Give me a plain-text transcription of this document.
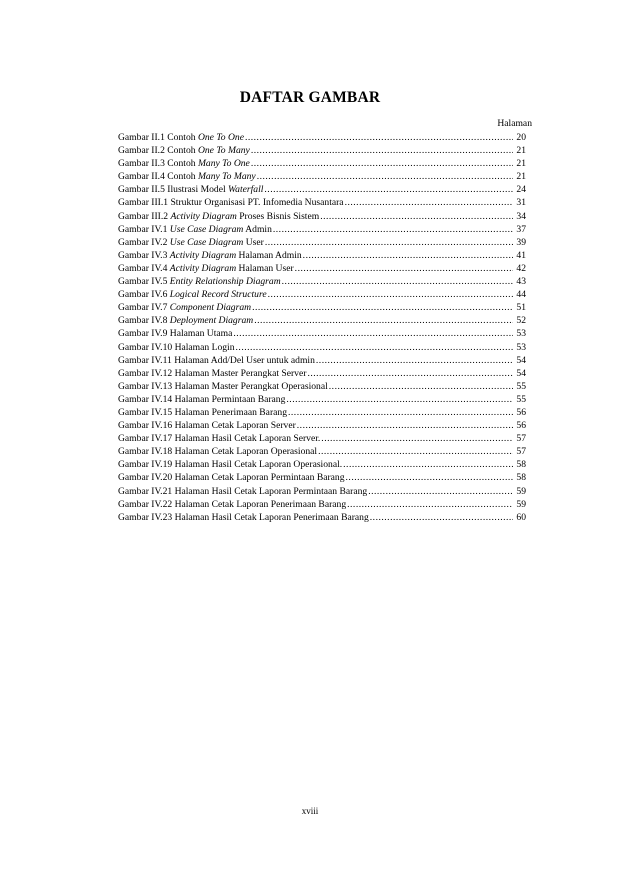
DAFTAR GAMBAR
Halaman
Gambar II.1 Contoh One To One .....	20
Gambar II.2 Contoh One To Many .....	21
Gambar II.3 Contoh Many To One .....	21
Gambar II.4 Contoh Many To Many .....	21
Gambar II.5 Ilustrasi Model Waterfall .....	24
Gambar III.1 Struktur Organisasi PT. Infomedia Nusantara .....	31
Gambar III.2 Activity Diagram Proses Bisnis Sistem .....	34
Gambar IV.1 Use Case Diagram Admin .....	37
Gambar IV.2 Use Case Diagram User .....	39
Gambar IV.3 Activity Diagram Halaman Admin .....	41
Gambar IV.4 Activity Diagram Halaman User .....	42
Gambar IV.5 Entity Relationship Diagram .....	43
Gambar IV.6 Logical Record Structure .....	44
Gambar IV.7 Component Diagram .....	51
Gambar IV.8 Deployment Diagram .....	52
Gambar IV.9 Halaman Utama .....	53
Gambar IV.10 Halaman Login .....	53
Gambar IV.11 Halaman Add/Del User untuk admin .....	54
Gambar IV.12 Halaman Master Perangkat Server .....	54
Gambar IV.13 Halaman Master Perangkat Operasional .....	55
Gambar IV.14 Halaman Permintaan Barang .....	55
Gambar IV.15 Halaman Penerimaan Barang .....	56
Gambar IV.16 Halaman Cetak Laporan Server .....	56
Gambar IV.17 Halaman Hasil Cetak Laporan Server. .....	57
Gambar IV.18 Halaman Cetak Laporan Operasional .....	57
Gambar IV.19 Halaman Hasil Cetak Laporan Operasional. .....	58
Gambar IV.20 Halaman Cetak Laporan Permintaan Barang .....	58
Gambar IV.21 Halaman Hasil Cetak Laporan Permintaan Barang .....	59
Gambar IV.22 Halaman Cetak Laporan Penerimaan Barang .....	59
Gambar IV.23 Halaman Hasil Cetak Laporan Penerimaan Barang .....	60
xviii
